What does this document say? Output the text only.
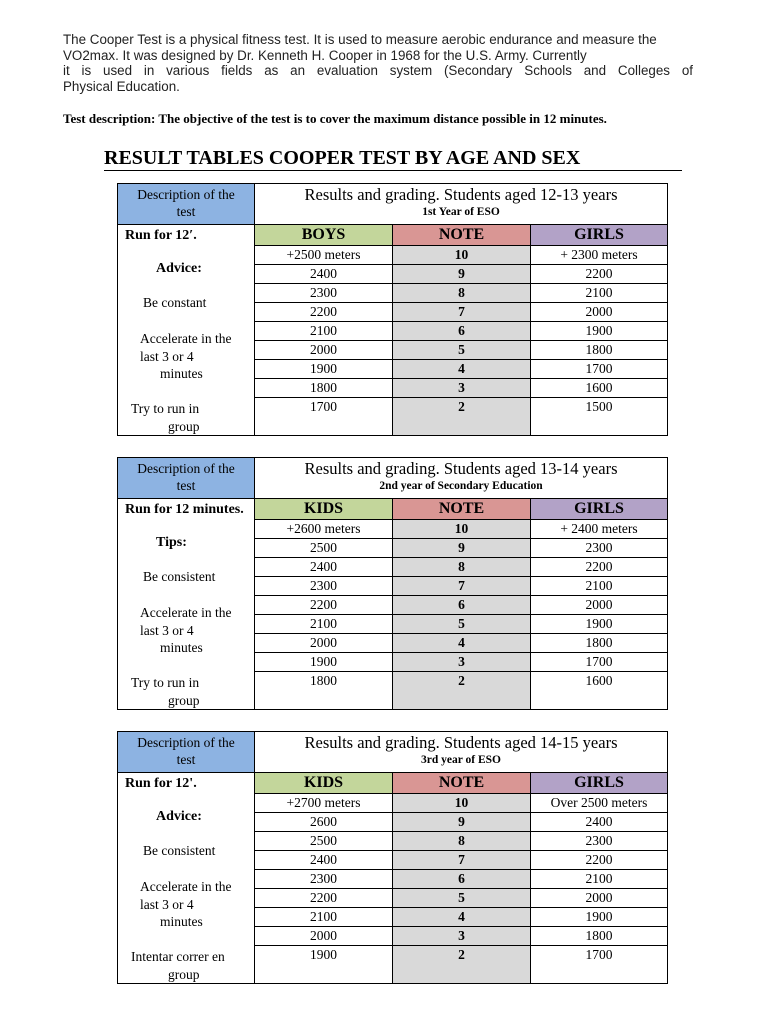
The Cooper Test is a physical fitness test. It is used to measure aerobic endurance and measure the

VO2max. It was designed by Dr. Kenneth H. Cooper in 1968 for the U.S. Army. Currently

it is used in various fields as an evaluation system (Secondary Schools and Colleges of

Physical Education.

Test description: The objective of the test is to cover the maximum distance possible in 12 minutes.
RESULT TABLES COOPER TEST BY AGE AND SEX
Description of the
test
Results and grading. Students aged 12-13 years
1st Year of ESO
Run for 12′.
Advice:
Be constant
Accelerate in the
last 3 or 4
minutes
Try to run in
group
BOYS	NOTE	GIRLS
+2500 meters	10	+ 2300 meters
2400	9	2200
2300	8	2100
2200	7	2000
2100	6	1900
2000	5	1800
1900	4	1700
1800	3	1600
1700	2	1500
Description of the
test
Results and grading. Students aged 13-14 years
2nd year of Secondary Education
Run for 12 minutes.
Tips:
Be consistent
Accelerate in the
last 3 or 4
minutes
Try to run in
group
KIDS	NOTE	GIRLS
+2600 meters	10	+ 2400 meters
2500	9	2300
2400	8	2200
2300	7	2100
2200	6	2000
2100	5	1900
2000	4	1800
1900	3	1700
1800	2	1600
Description of the
test
Results and grading. Students aged 14-15 years
3rd year of ESO
Run for 12'.
Advice:
Be consistent
Accelerate in the
last 3 or 4
minutes
Intentar correr en
group
KIDS	NOTE	GIRLS
+2700 meters	10	Over 2500 meters
2600	9	2400
2500	8	2300
2400	7	2200
2300	6	2100
2200	5	2000
2100	4	1900
2000	3	1800
1900	2	1700
